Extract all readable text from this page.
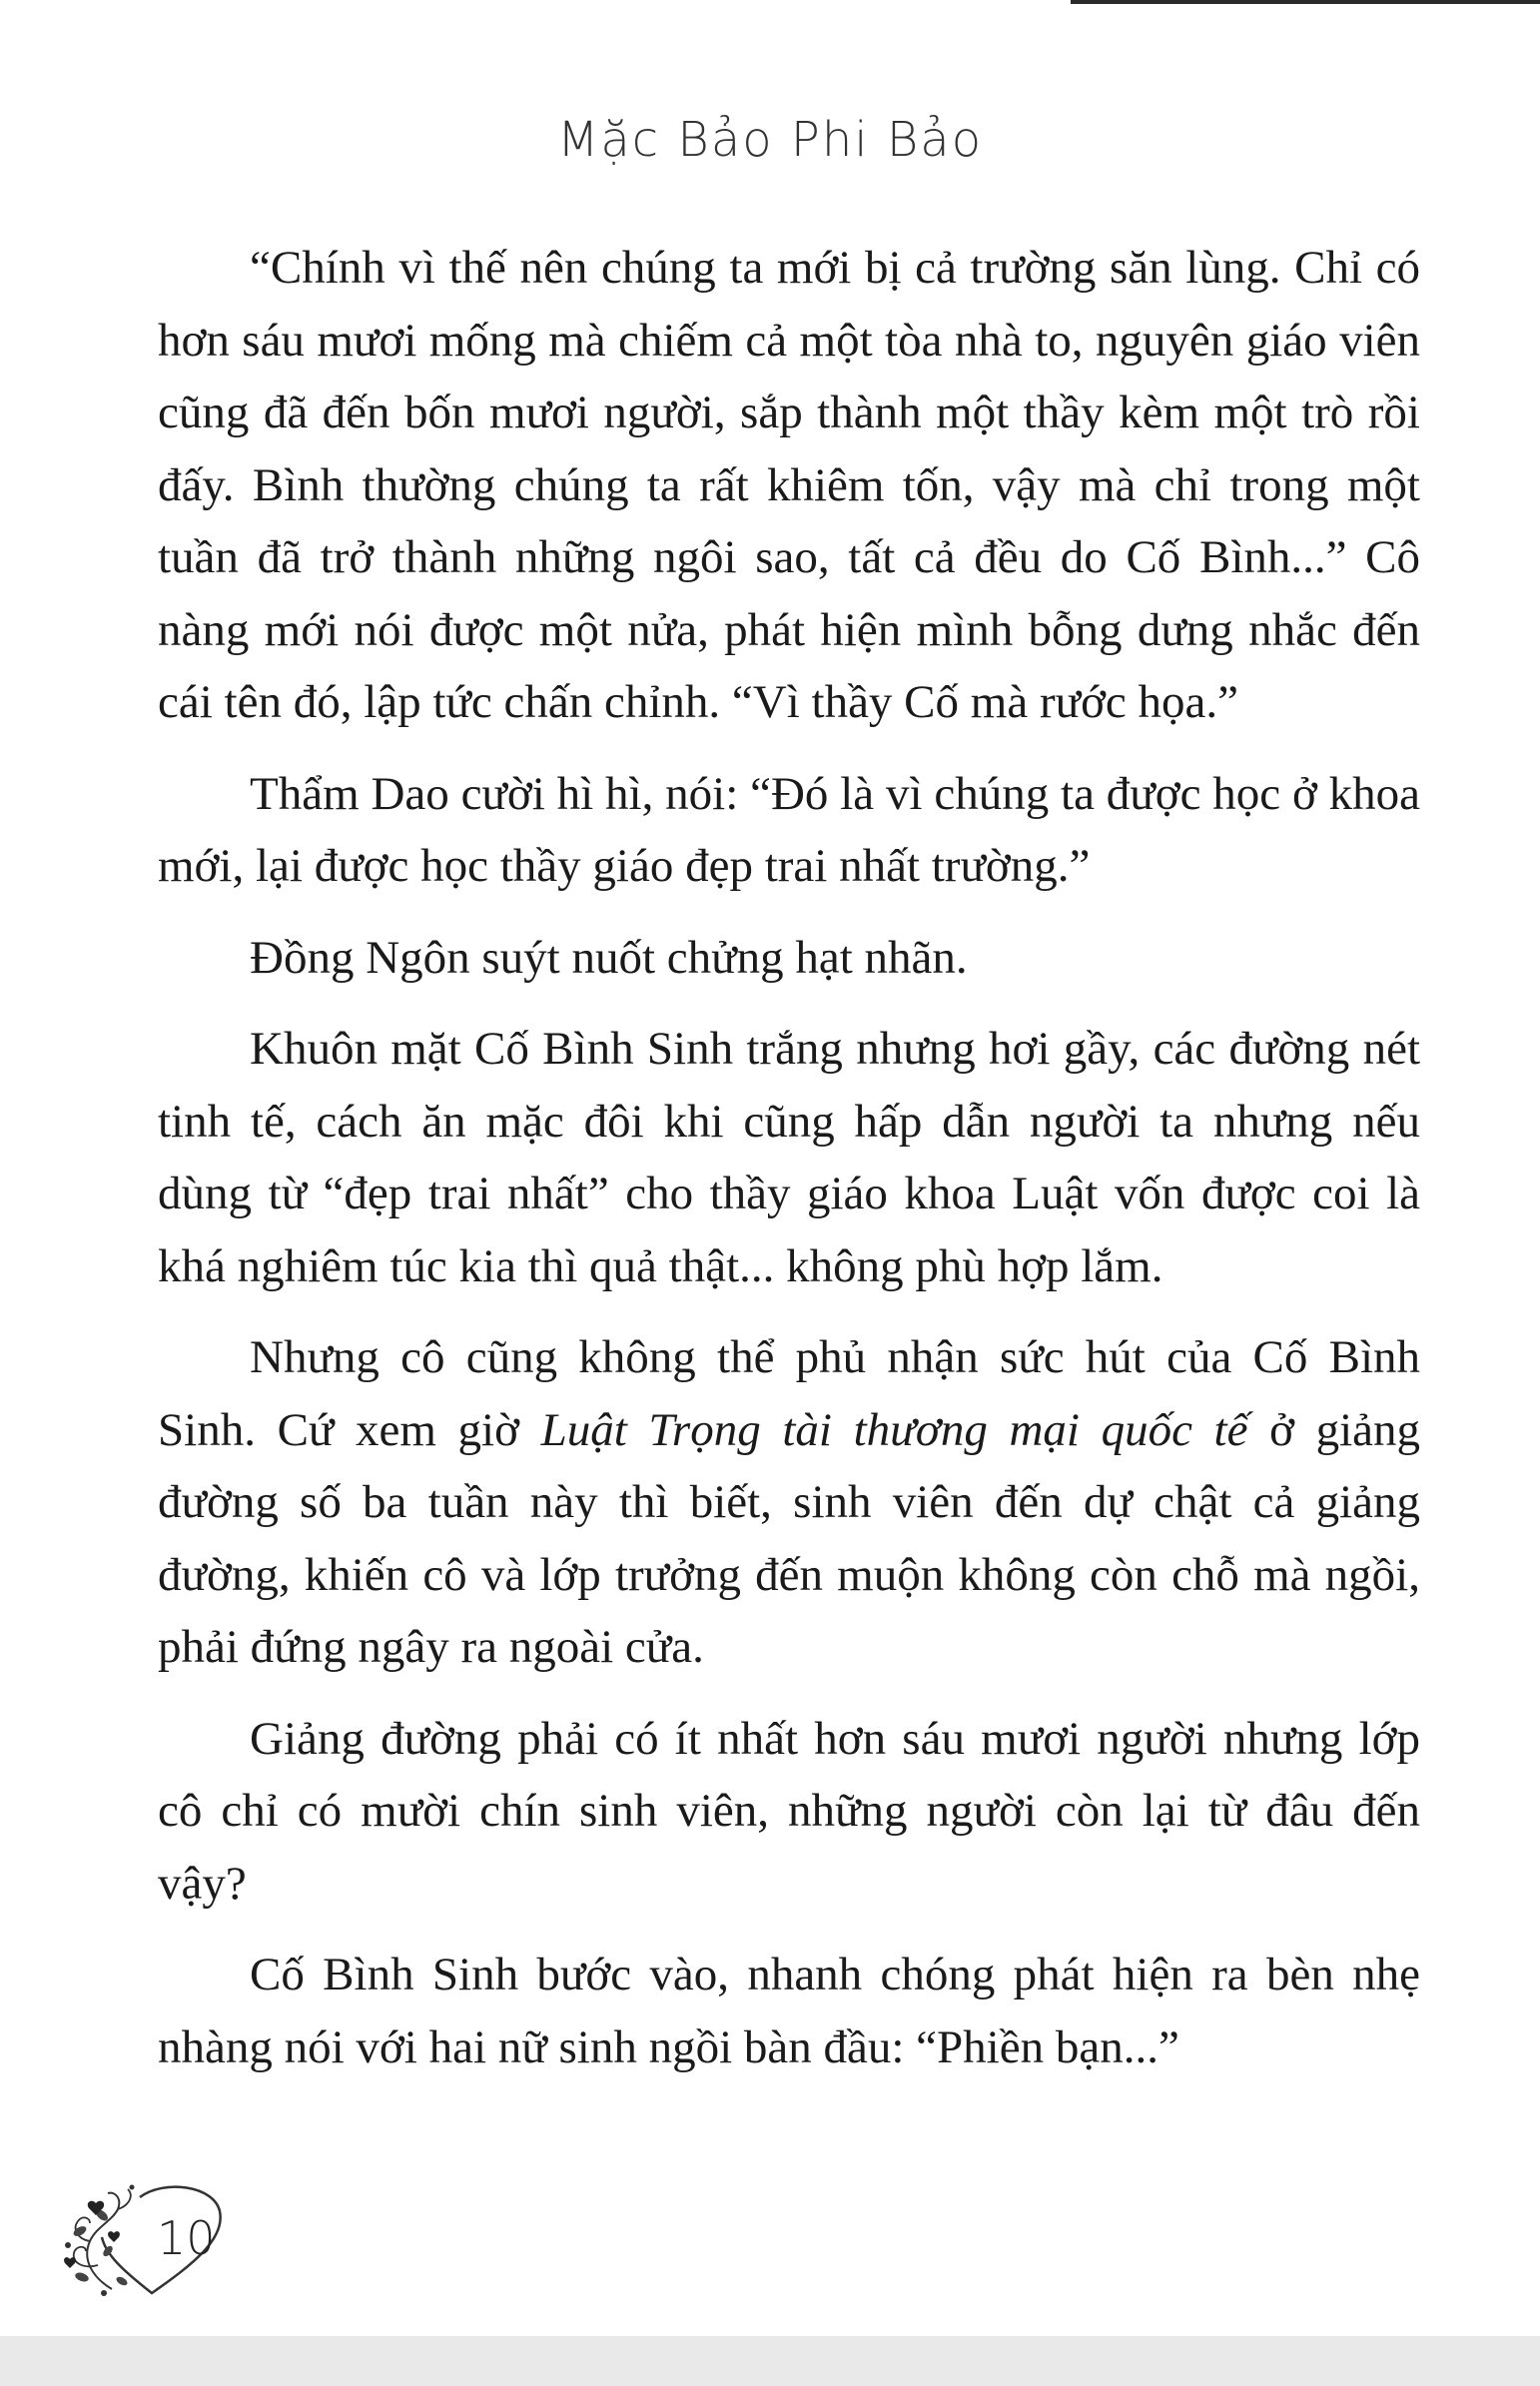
Mặc Bảo Phi Bảo

“Chính vì thế nên chúng ta mới bị cả trường săn lùng. Chỉ có hơn sáu mươi mống mà chiếm cả một tòa nhà to, nguyên giáo viên cũng đã đến bốn mươi người, sắp thành một thầy kèm một trò rồi đấy. Bình thường chúng ta rất khiêm tốn, vậy mà chỉ trong một tuần đã trở thành những ngôi sao, tất cả đều do Cố Bình...” Cô nàng mới nói được một nửa, phát hiện mình bỗng dưng nhắc đến cái tên đó, lập tức chấn chỉnh. “Vì thầy Cố mà rước họa.”

Thẩm Dao cười hì hì, nói: “Đó là vì chúng ta được học ở khoa mới, lại được học thầy giáo đẹp trai nhất trường.”

Đồng Ngôn suýt nuốt chửng hạt nhãn.

Khuôn mặt Cố Bình Sinh trắng nhưng hơi gầy, các đường nét tinh tế, cách ăn mặc đôi khi cũng hấp dẫn người ta nhưng nếu dùng từ “đẹp trai nhất” cho thầy giáo khoa Luật vốn được coi là khá nghiêm túc kia thì quả thật... không phù hợp lắm.

Nhưng cô cũng không thể phủ nhận sức hút của Cố Bình Sinh. Cứ xem giờ Luật Trọng tài thương mại quốc tế ở giảng đường số ba tuần này thì biết, sinh viên đến dự chật cả giảng đường, khiến cô và lớp trưởng đến muộn không còn chỗ mà ngồi, phải đứng ngây ra ngoài cửa.

Giảng đường phải có ít nhất hơn sáu mươi người nhưng lớp cô chỉ có mười chín sinh viên, những người còn lại từ đâu đến vậy?

Cố Bình Sinh bước vào, nhanh chóng phát hiện ra bèn nhẹ nhàng nói với hai nữ sinh ngồi bàn đầu: “Phiền bạn...”

10
